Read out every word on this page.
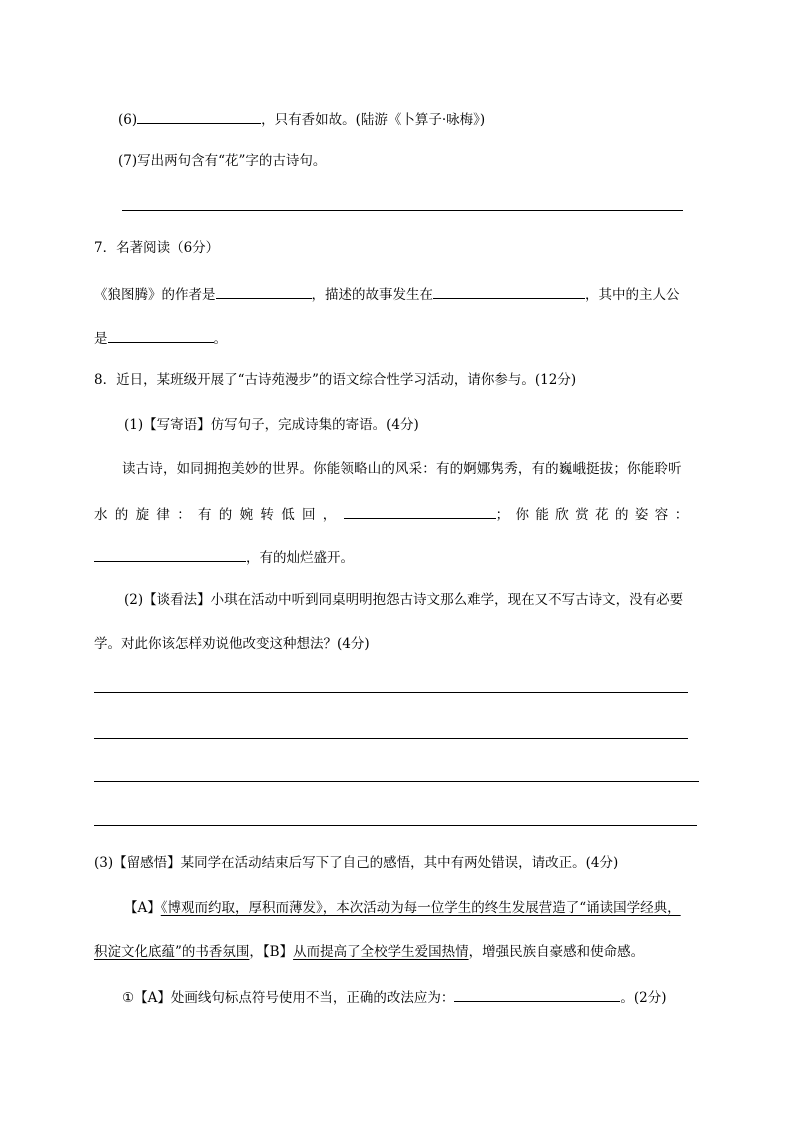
(6)	，只有香如故。(陆游《卜算子·咏梅》)
(7)写出两句含有“花”字的古诗句。
7．名著阅读（6分）
《狼图腾》的作者是	，描述的故事发生在	，其中的主人公
是	。
8．近日，某班级开展了“古诗苑漫步”的语文综合性学习活动，请你参与。(12分)
(1)【写寄语】仿写句子，完成诗集的寄语。(4分)
读古诗，如同拥抱美妙的世界。你能领略山的风采：有的婀娜隽秀，有的巍峨挺拔；你能聆听
水的旋律：有的婉转低回，	；你能欣赏花的姿容：
，有的灿烂盛开。
(2)【谈看法】小琪在活动中听到同桌明明抱怨古诗文那么难学，现在又不写古诗文，没有必要
学。对此你该怎样劝说他改变这种想法？(4分)
(3)【留感悟】某同学在活动结束后写下了自己的感悟，其中有两处错误，请改正。(4分)
【A】《博观而约取，厚积而薄发》，本次活动为每一位学生的终生发展营造了“诵读国学经典，
积淀文化底蕴”的书香氛围，【B】从而提高了全校学生爱国热情，增强民族自豪感和使命感。
①【A】处画线句标点符号使用不当，正确的改法应为：	。(2分)
